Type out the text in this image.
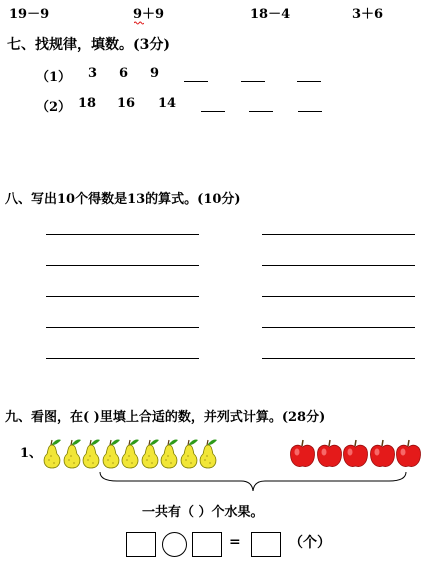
19－9	9
＋9	18－4	3＋6
七、找规律，填数。(3分)
（1） 3 6 9
（2） 18 16 14
八、写出10个得数是13的算式。(10分)
九、看图，在( )里填上合适的数，并列式计算。(28分)
1、
一共有（ ）个水果。
=	（个）
